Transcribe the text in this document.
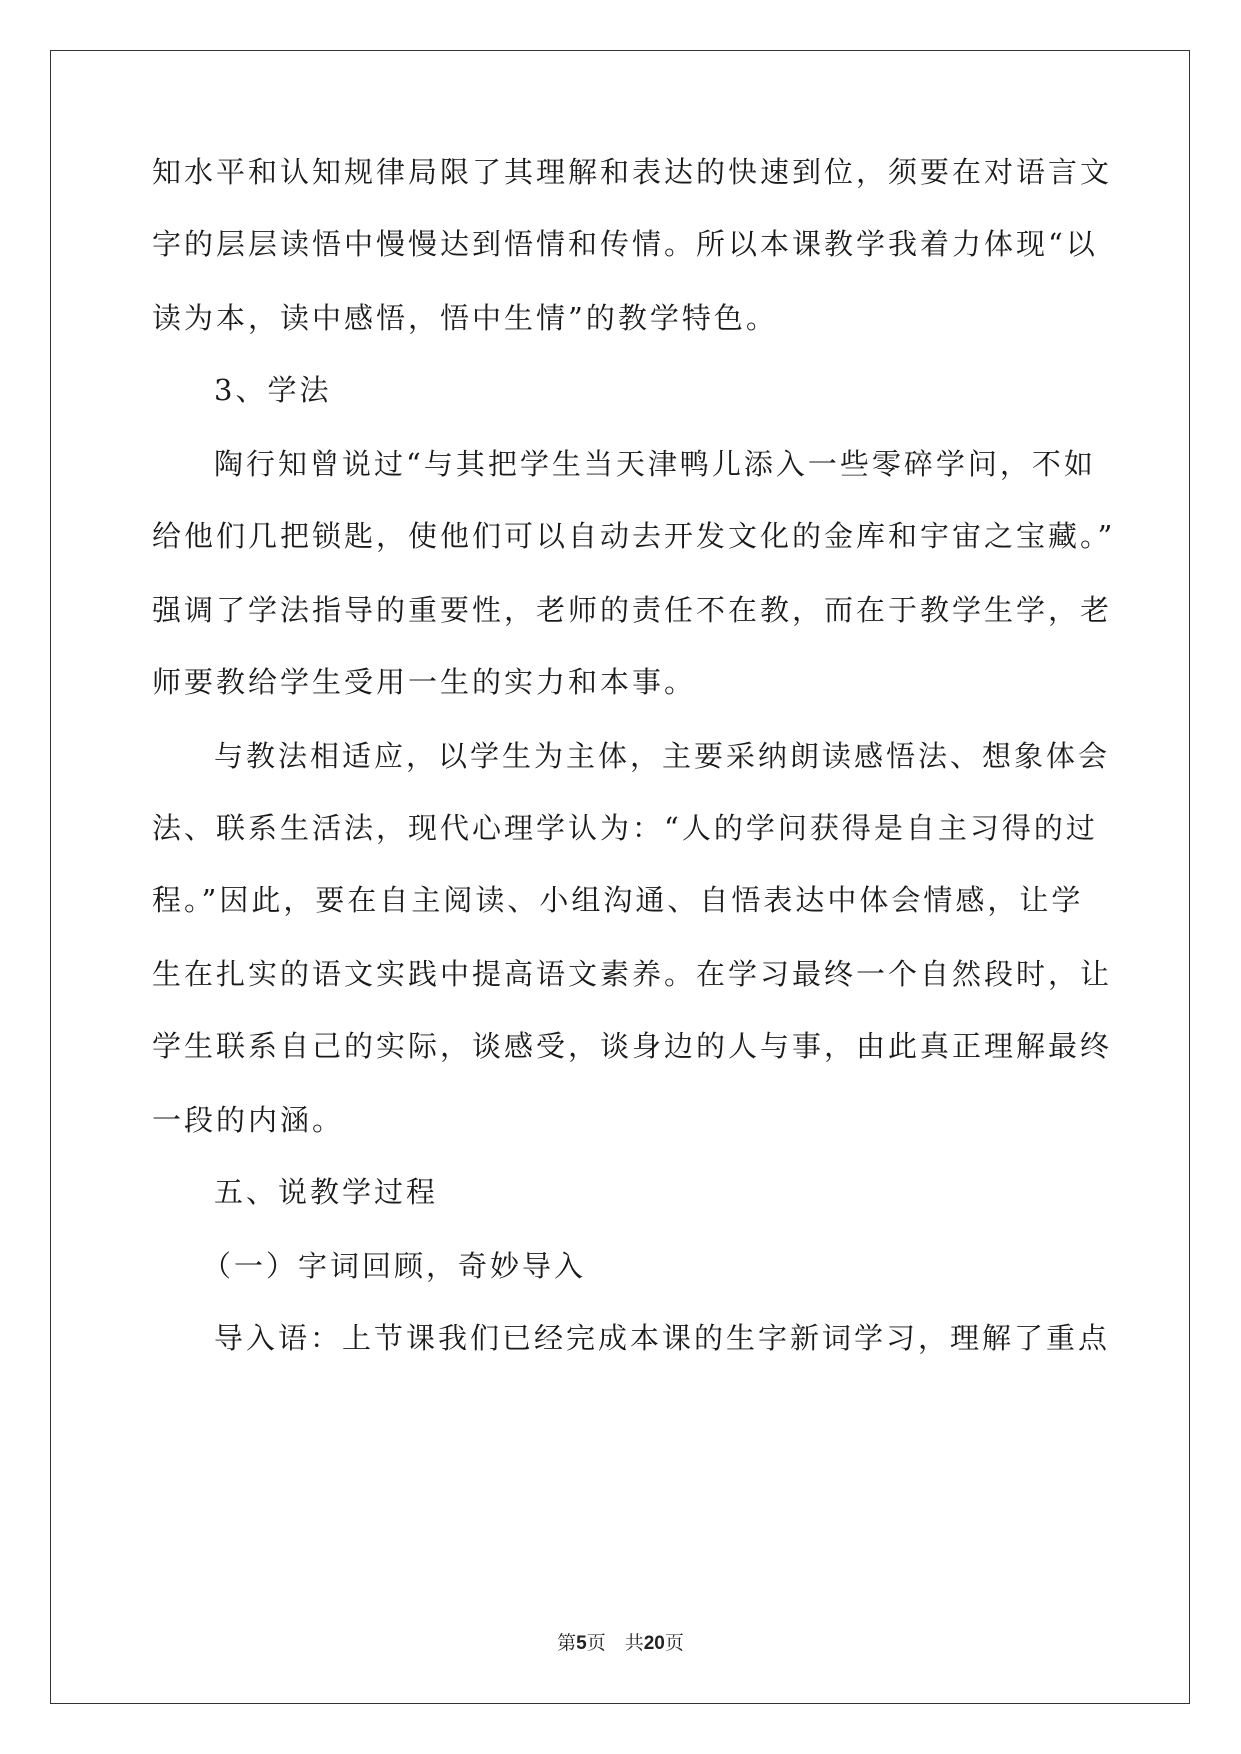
知水平和认知规律局限了其理解和表达的快速到位，须要在对语言文
字的层层读悟中慢慢达到悟情和传情。所以本课教学我着力体现“以
读为本，读中感悟，悟中生情”的教学特色。
3、学法
陶行知曾说过“与其把学生当天津鸭儿添入一些零碎学问，不如
给他们几把锁匙，使他们可以自动去开发文化的金库和宇宙之宝藏。”
强调了学法指导的重要性，老师的责任不在教，而在于教学生学，老
师要教给学生受用一生的实力和本事。
与教法相适应，以学生为主体，主要采纳朗读感悟法、想象体会
法、联系生活法，现代心理学认为：“人的学问获得是自主习得的过
程。”因此，要在自主阅读、小组沟通、自悟表达中体会情感，让学
生在扎实的语文实践中提高语文素养。在学习最终一个自然段时，让
学生联系自己的实际，谈感受，谈身边的人与事，由此真正理解最终
一段的内涵。
五、说教学过程
（一）字词回顾，奇妙导入
导入语：上节课我们已经完成本课的生字新词学习，理解了重点
第5页　共20页
